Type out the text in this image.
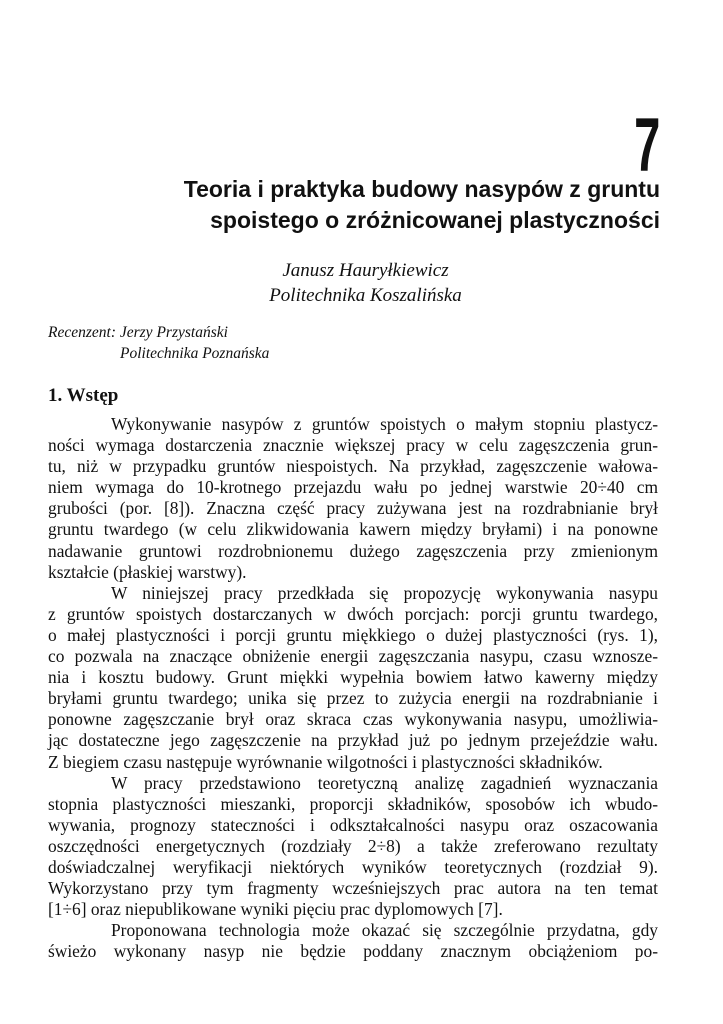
7
Teoria i praktyka budowy nasypów z gruntu
spoistego o zróżnicowanej plastyczności
Janusz Hauryłkiewicz
Politechnika Koszalińska
Recenzent: Jerzy Przystański
Politechnika Poznańska
1. Wstęp
Wykonywanie nasypów z gruntów spoistych o małym stopniu plastycz-
ności wymaga dostarczenia znacznie większej pracy w celu zagęszczenia grun-
tu, niż w przypadku gruntów niespoistych. Na przykład, zagęszczenie wałowa-
niem wymaga do 10-krotnego przejazdu wału po jednej warstwie 20÷40 cm
grubości (por. [8]). Znaczna część pracy zużywana jest na rozdrabnianie brył
gruntu twardego (w celu zlikwidowania kawern między bryłami) i na ponowne
nadawanie gruntowi rozdrobnionemu dużego zagęszczenia przy zmienionym
kształcie (płaskiej warstwy).
W niniejszej pracy przedkłada się propozycję wykonywania nasypu
z gruntów spoistych dostarczanych w dwóch porcjach: porcji gruntu twardego,
o małej plastyczności i porcji gruntu miękkiego o dużej plastyczności (rys. 1),
co pozwala na znaczące obniżenie energii zagęszczania nasypu, czasu wznosze-
nia i kosztu budowy. Grunt miękki wypełnia bowiem łatwo kawerny między
bryłami gruntu twardego; unika się przez to zużycia energii na rozdrabnianie i
ponowne zagęszczanie brył oraz skraca czas wykonywania nasypu, umożliwia-
jąc dostateczne jego zagęszczenie na przykład już po jednym przejeździe wału.
Z biegiem czasu następuje wyrównanie wilgotności i plastyczności składników.
W pracy przedstawiono teoretyczną analizę zagadnień wyznaczania
stopnia plastyczności mieszanki, proporcji składników, sposobów ich wbudo-
wywania, prognozy stateczności i odkształcalności nasypu oraz oszacowania
oszczędności energetycznych (rozdziały 2÷8) a także zreferowano rezultaty
doświadczalnej weryfikacji niektórych wyników teoretycznych (rozdział 9).
Wykorzystano przy tym fragmenty wcześniejszych prac autora na ten temat
[1÷6] oraz niepublikowane wyniki pięciu prac dyplomowych [7].
Proponowana technologia może okazać się szczególnie przydatna, gdy
świeżo wykonany nasyp nie będzie poddany znacznym obciążeniom po-
